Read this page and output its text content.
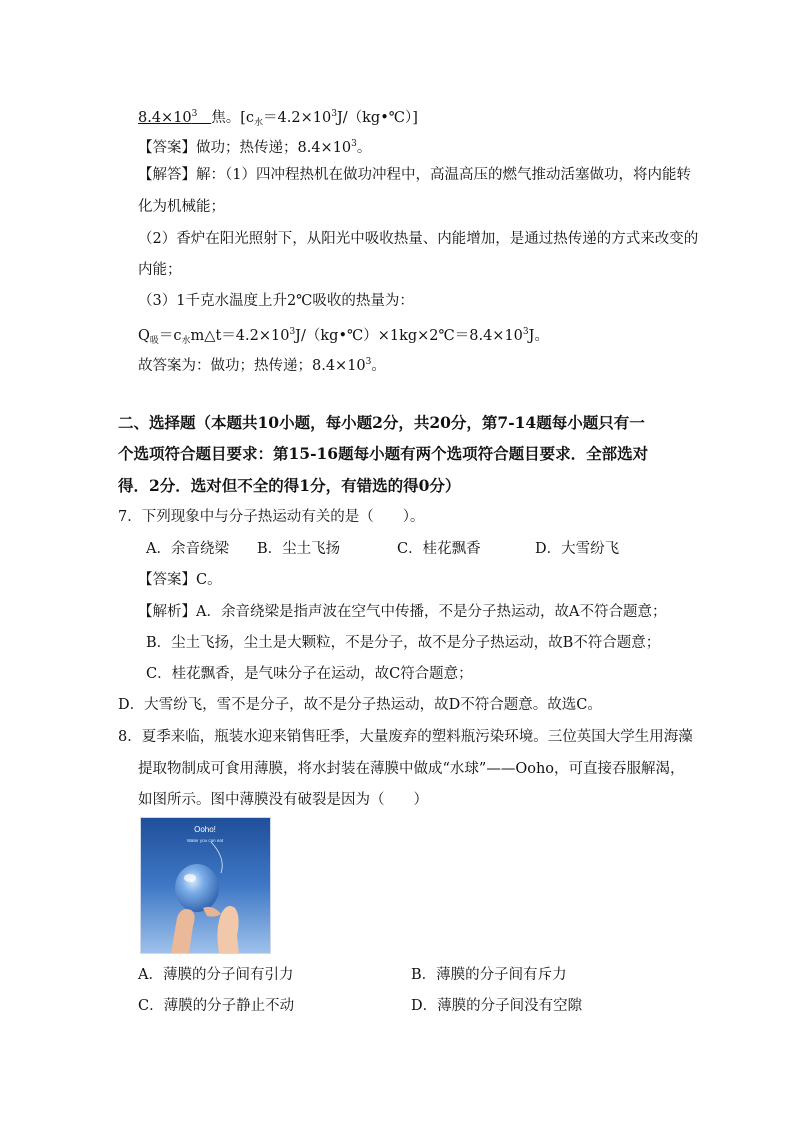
$8.4\times 10^3$ 焦。$[c_水=4.2\times 10^3J/(kg•℃)]$
【答案】做功；热传递；$8.4\times 10^3$。
【解答】解：（1）四冲程热机在做功冲程中，高温高压的燃气推动活塞做功，将内能转
化为机械能；
（2）香炉在阳光照射下，从阳光中吸收热量、内能增加，是通过热传递的方式来改变的
内能；
（3）1千克水温度上升2℃吸收的热量为：
$Q_吸=c_水m\triangle t=4.2\times 10^3J/(kg•℃)\times 1kg\times 2℃=8.4\times 10^3J$。
故答案为：做功；热传递；$8.4\times 10^3$。
二、选择题（本题共10小题，每小题2分，共20分，第7-14题每小题只有一
个选项符合题目要求：第15-16题每小题有两个选项符合题目要求．全部选对
得．2分．选对但不全的得1分，有错选的得0分）
7．下列现象中与分子热运动有关的是（　　）。
A．余音绕梁 B．尘土飞扬	C．桂花飘香	D．大雪纷飞
【答案】C。
【解析】A．余音绕梁是指声波在空气中传播，不是分子热运动，故A不符合题意；
B．尘土飞扬，尘土是大颗粒，不是分子，故不是分子热运动，故B不符合题意；
C．桂花飘香，是气味分子在运动，故C符合题意；
D．大雪纷飞，雪不是分子，故不是分子热运动，故D不符合题意。故选C。
8．夏季来临，瓶装水迎来销售旺季，大量废弃的塑料瓶污染环境。三位英国大学生用海藻
提取物制成可食用薄膜，将水封装在薄膜中做成“水球”——Ooho，可直接吞服解渴，
如图所示。图中薄膜没有破裂是因为（　　）
Ooho!
Water you can eat
A．薄膜的分子间有引力	B．薄膜的分子间有斥力
C．薄膜的分子静止不动	D．薄膜的分子间没有空隙
